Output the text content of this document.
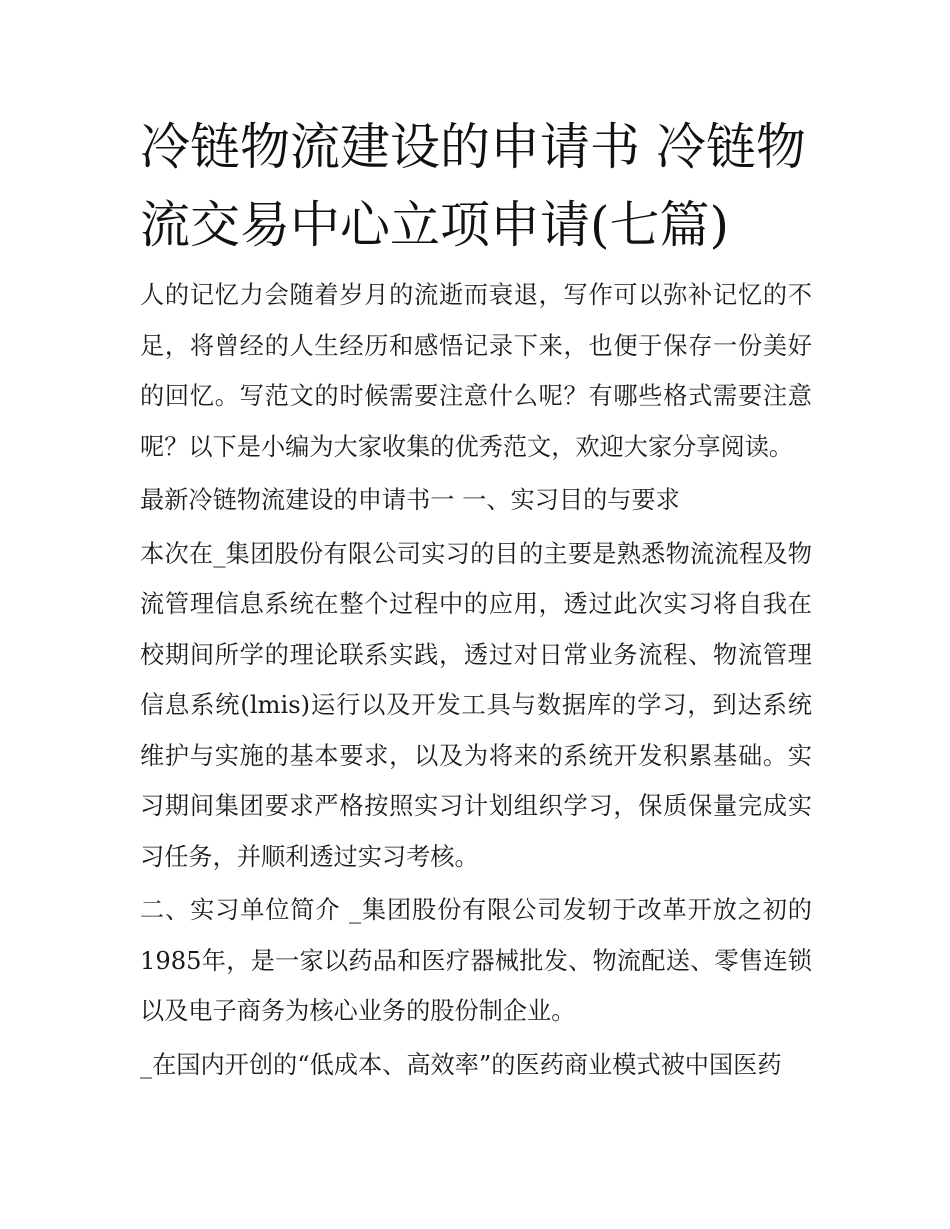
冷链物流建设的申请书 冷链物流交易中心立项申请(七篇)

人的记忆力会随着岁月的流逝而衰退，写作可以弥补记忆的不足，将曾经的人生经历和感悟记录下来，也便于保存一份美好的回忆。写范文的时候需要注意什么呢？有哪些格式需要注意呢？以下是小编为大家收集的优秀范文，欢迎大家分享阅读。

最新冷链物流建设的申请书一 一、实习目的与要求

本次在_集团股份有限公司实习的目的主要是熟悉物流流程及物流管理信息系统在整个过程中的应用，透过此次实习将自我在校期间所学的理论联系实践，透过对日常业务流程、物流管理信息系统(lmis)运行以及开发工具与数据库的学习，到达系统维护与实施的基本要求，以及为将来的系统开发积累基础。实习期间集团要求严格按照实习计划组织学习，保质保量完成实习任务，并顺利透过实习考核。

二、实习单位简介 _集团股份有限公司发轫于改革开放之初的1985年，是一家以药品和医疗器械批发、物流配送、零售连锁以及电子商务为核心业务的股份制企业。

_在国内开创的“低成本、高效率”的医药商业模式被中国医药
